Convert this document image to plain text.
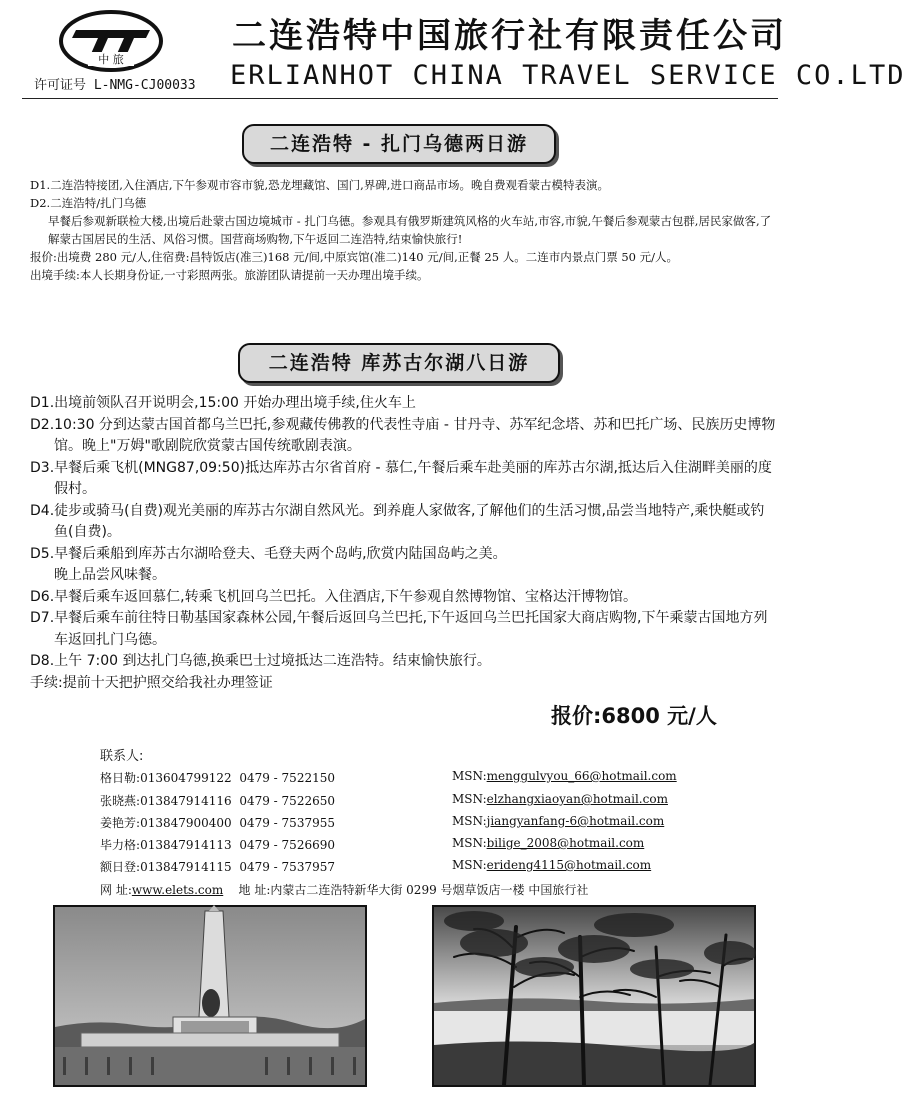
中 旅
许可证号 L-NMG-CJ00033
二连浩特中国旅行社有限责任公司
ERLIANHOT CHINA TRAVEL SERVICE CO.LTD
二连浩特 - 扎门乌德两日游

D1.二连浩特接团,入住酒店,下午参观市容市貌,恐龙埋藏馆、国门,界碑,进口商品市场。晚自费观看蒙古模特表演。

D2.二连浩特/扎门乌德

早餐后参观新联检大楼,出境后赴蒙古国边境城市 - 扎门乌德。参观具有俄罗斯建筑风格的火车站,市容,市貌,午餐后参观蒙古包群,居民家做客,了解蒙古国居民的生活、风俗习惯。国营商场购物,下午返回二连浩特,结束愉快旅行!

报价:出境费 280 元/人,住宿费:昌特饭店(准三)168 元/间,中原宾馆(准二)140 元/间,正餐 25 人。二连市内景点门票 50 元/人。

出境手续:本人长期身份证,一寸彩照两张。旅游团队请提前一天办理出境手续。

二连浩特 库苏古尔湖八日游

D1.出境前领队召开说明会,15:00 开始办理出境手续,住火车上

D2.10:30 分到达蒙古国首都乌兰巴托,参观藏传佛教的代表性寺庙 - 甘丹寺、苏军纪念塔、苏和巴托广场、民族历史博物馆。晚上"万姆"歌剧院欣赏蒙古国传统歌剧表演。

D3.早餐后乘飞机(MNG87,09:50)抵达库苏古尔省首府 - 慕仁,午餐后乘车赴美丽的库苏古尔湖,抵达后入住湖畔美丽的度假村。

D4.徒步或骑马(自费)观光美丽的库苏古尔湖自然风光。到养鹿人家做客,了解他们的生活习惯,品尝当地特产,乘快艇或钓鱼(自费)。

D5.早餐后乘船到库苏古尔湖哈登夫、毛登夫两个岛屿,欣赏内陆国岛屿之美。

晚上品尝风味餐。

D6.早餐后乘车返回慕仁,转乘飞机回乌兰巴托。入住酒店,下午参观自然博物馆、宝格达汗博物馆。

D7.早餐后乘车前往特日勒基国家森林公园,午餐后返回乌兰巴托,下午返回乌兰巴托国家大商店购物,下午乘蒙古国地方列车返回扎门乌德。

D8.上午 7:00 到达扎门乌德,换乘巴士过境抵达二连浩特。结束愉快旅行。

手续:提前十天把护照交给我社办理签证

报价:6800 元/人
联系人:
格日勒:013604799122 0479 - 7522150	MSN:menggulvyou_66@hotmail.com
张晓燕:013847914116 0479 - 7522650	MSN:elzhangxiaoyan@hotmail.com
姜艳芳:013847900400 0479 - 7537955	MSN:jiangyanfang-6@hotmail.com
毕力格:013847914113 0479 - 7526690	MSN:bilige_2008@hotmail.com
额日登:013847914115 0479 - 7537957	MSN:erideng4115@hotmail.com
网 址:www.elets.com 地 址:内蒙古二连浩特新华大街 0299 号烟草饭店一楼 中国旅行社
